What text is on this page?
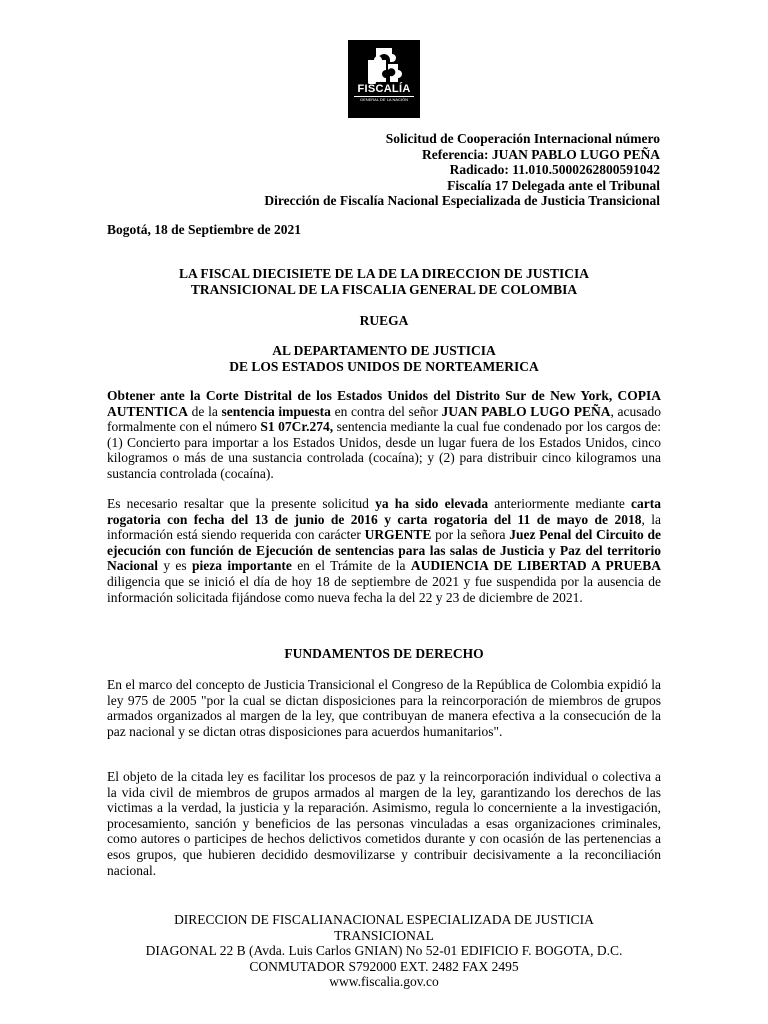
FISCALÍA
GENERAL DE LA NACIÓN
Solicitud de Cooperación Internacional número
Referencia: JUAN PABLO LUGO PEÑA
Radicado: 11.010.5000262800591042
Fiscalía 17 Delegada ante el Tribunal
Dirección de Fiscalía Nacional Especializada de Justicia Transicional
Bogotá, 18 de Septiembre de 2021
LA FISCAL DIECISIETE DE LA DE LA DIRECCION DE JUSTICIA
TRANSICIONAL DE LA FISCALIA GENERAL DE COLOMBIA
RUEGA
AL DEPARTAMENTO DE JUSTICIA
DE LOS ESTADOS UNIDOS DE NORTEAMERICA
Obtener ante la Corte Distrital de los Estados Unidos del Distrito Sur de New York, COPIA AUTENTICA de la sentencia impuesta en contra del señor JUAN PABLO LUGO PEÑA, acusado formalmente con el número S1 07Cr.274, sentencia mediante la cual fue condenado por los cargos de: (1) Concierto para importar a los Estados Unidos, desde un lugar fuera de los Estados Unidos, cinco kilogramos o más de una sustancia controlada (cocaína); y (2) para distribuir cinco kilogramos una sustancia controlada (cocaína).
Es necesario resaltar que la presente solicitud ya ha sido elevada anteriormente mediante carta rogatoria con fecha del 13 de junio de 2016 y carta rogatoria del 11 de mayo de 2018, la información está siendo requerida con carácter URGENTE por la señora Juez Penal del Circuito de ejecución con función de Ejecución de sentencias para las salas de Justicia y Paz del territorio Nacional y es pieza importante en el Trámite de la AUDIENCIA DE LIBERTAD A PRUEBA diligencia que se inició el día de hoy 18 de septiembre de 2021 y fue suspendida por la ausencia de información solicitada fijándose como nueva fecha la del 22 y 23 de diciembre de 2021.
FUNDAMENTOS DE DERECHO
En el marco del concepto de Justicia Transicional el Congreso de la República de Colombia expidió la ley 975 de 2005 "por la cual se dictan disposiciones para la reincorporación de miembros de grupos armados organizados al margen de la ley, que contribuyan de manera efectiva a la consecución de la paz nacional y se dictan otras disposiciones para acuerdos humanitarios".
El objeto de la citada ley es facilitar los procesos de paz y la reincorporación individual o colectiva a la vida civil de miembros de grupos armados al margen de la ley, garantizando los derechos de las victimas a la verdad, la justicia y la reparación. Asimismo, regula lo concerniente a la investigación, procesamiento, sanción y beneficios de las personas vinculadas a esas organizaciones criminales, como autores o participes de hechos delictivos cometidos durante y con ocasión de las pertenencias a esos grupos, que hubieren decidido desmovilizarse y contribuir decisivamente a la reconciliación nacional.
DIRECCION DE FISCALIANACIONAL ESPECIALIZADA DE JUSTICIA
TRANSICIONAL
DIAGONAL 22 B (Avda. Luis Carlos GNIAN) No 52-01 EDIFICIO F. BOGOTA, D.C.
CONMUTADOR S792000 EXT. 2482 FAX 2495
www.fiscalia.gov.co
